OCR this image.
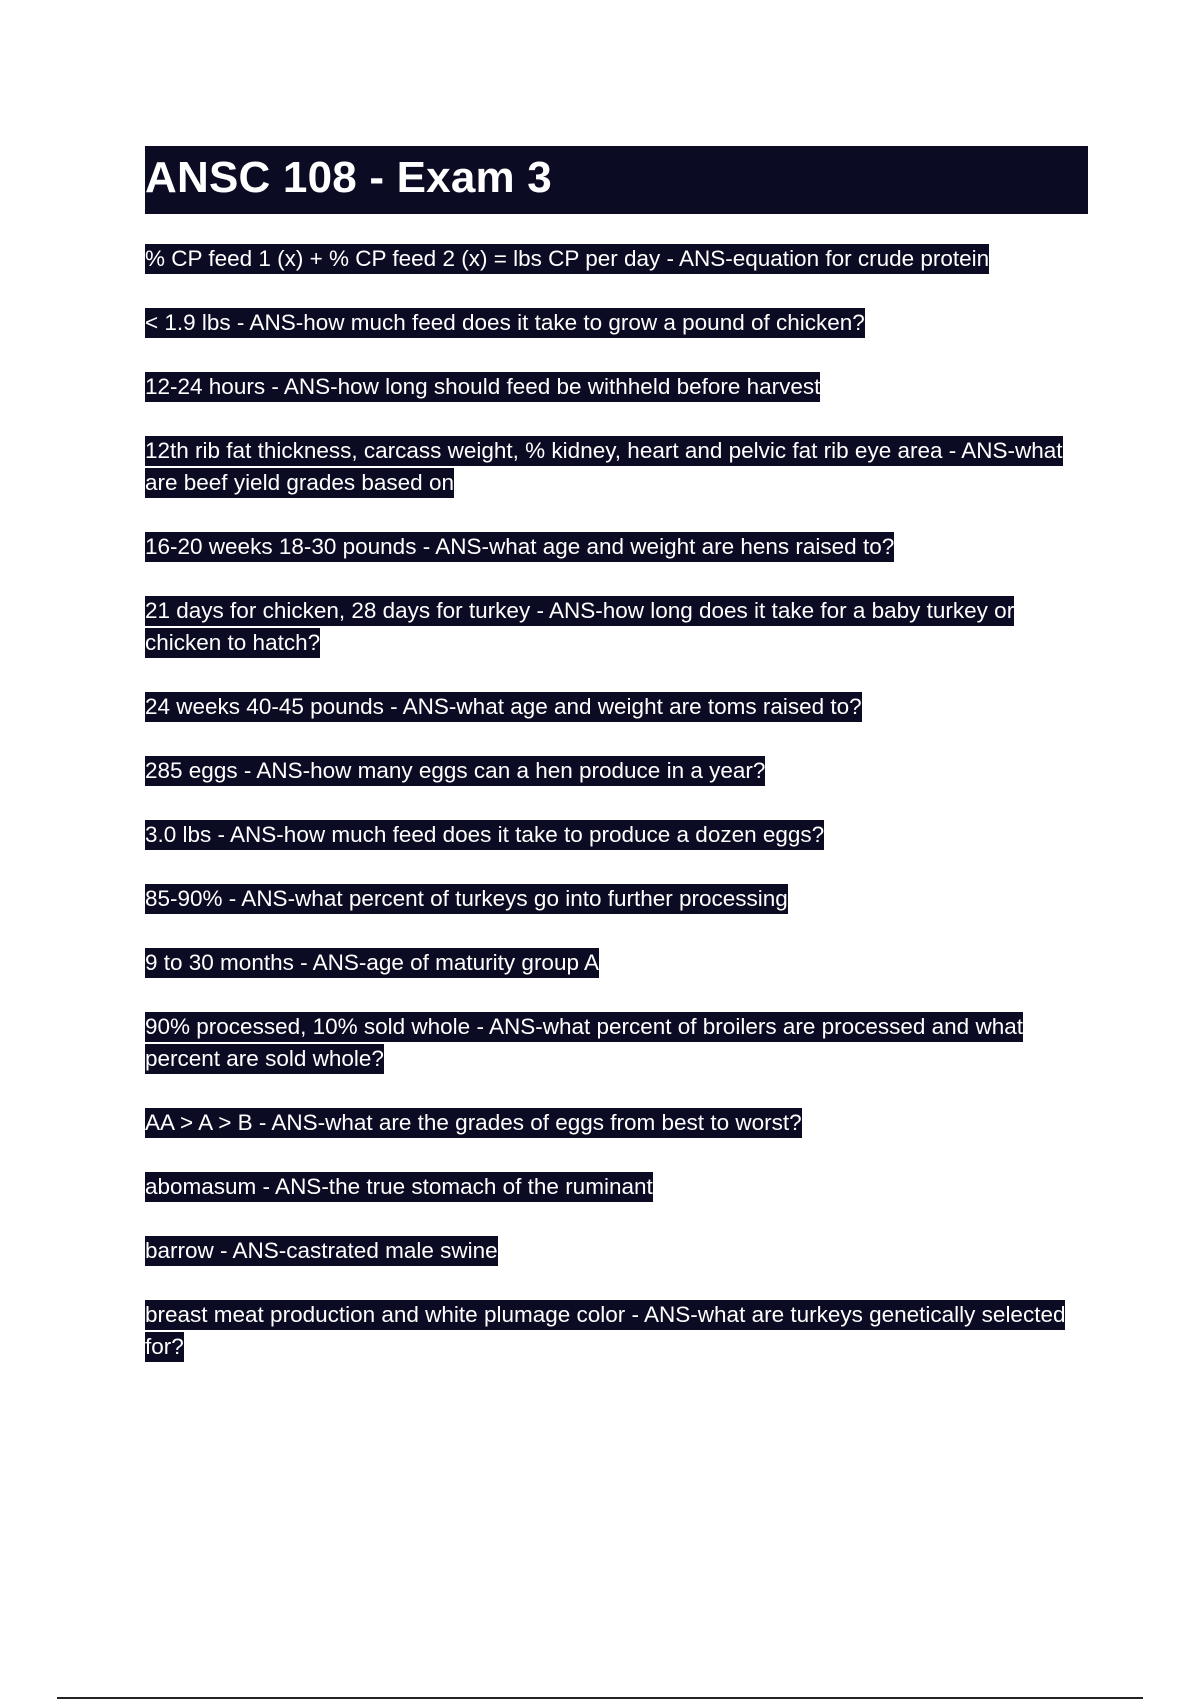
ANSC 108 - Exam 3

% CP feed 1 (x) + % CP feed 2 (x) = lbs CP per day - ANS-equation for crude protein

< 1.9 lbs - ANS-how much feed does it take to grow a pound of chicken?

12-24 hours - ANS-how long should feed be withheld before harvest

12th rib fat thickness, carcass weight, % kidney, heart and pelvic fat rib eye area - ANS-what are beef yield grades based on

16-20 weeks 18-30 pounds - ANS-what age and weight are hens raised to?

21 days for chicken, 28 days for turkey - ANS-how long does it take for a baby turkey or chicken to hatch?

24 weeks 40-45 pounds - ANS-what age and weight are toms raised to?

285 eggs - ANS-how many eggs can a hen produce in a year?

3.0 lbs - ANS-how much feed does it take to produce a dozen eggs?

85-90% - ANS-what percent of turkeys go into further processing

9 to 30 months - ANS-age of maturity group A

90% processed, 10% sold whole - ANS-what percent of broilers are processed and what percent are sold whole?

AA > A > B - ANS-what are the grades of eggs from best to worst?

abomasum - ANS-the true stomach of the ruminant

barrow - ANS-castrated male swine

breast meat production and white plumage color - ANS-what are turkeys genetically selected for?
